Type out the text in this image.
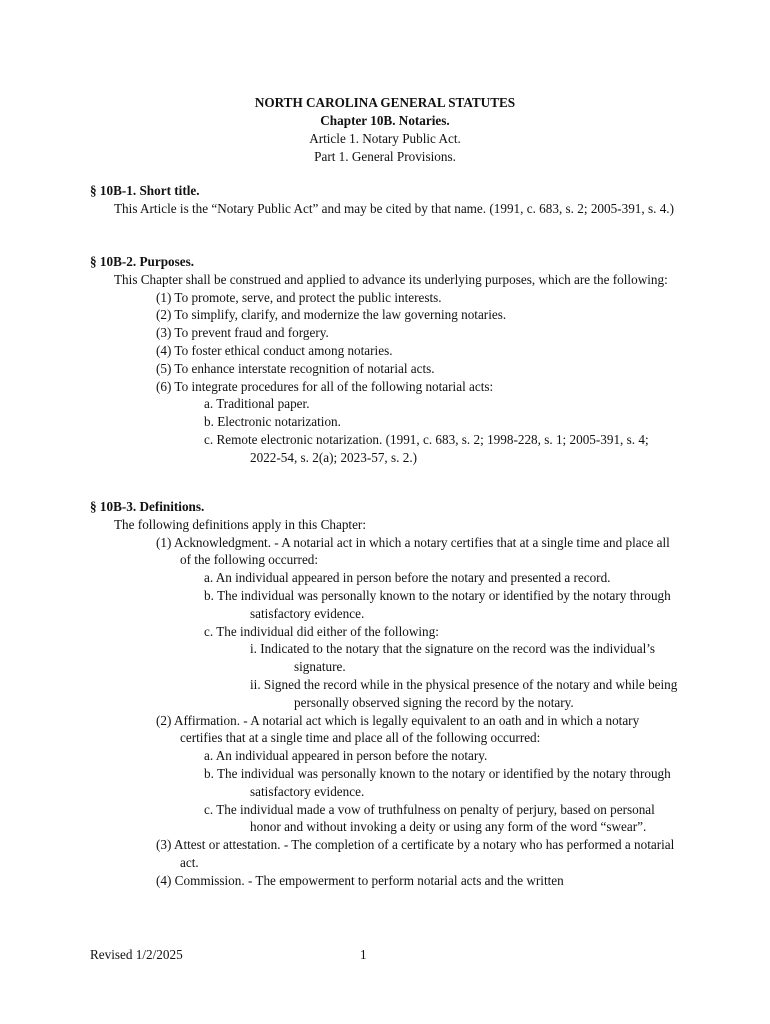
NORTH CAROLINA GENERAL STATUTES
Chapter 10B. Notaries.
Article 1. Notary Public Act.
Part 1. General Provisions.
§ 10B-1. Short title.
This Article is the “Notary Public Act” and may be cited by that name. (1991, c. 683, s. 2; 2005-391, s. 4.)
§ 10B-2. Purposes.
This Chapter shall be construed and applied to advance its underlying purposes, which are the following:
(1) To promote, serve, and protect the public interests.
(2) To simplify, clarify, and modernize the law governing notaries.
(3) To prevent fraud and forgery.
(4) To foster ethical conduct among notaries.
(5) To enhance interstate recognition of notarial acts.
(6) To integrate procedures for all of the following notarial acts:
a. Traditional paper.
b. Electronic notarization.
c. Remote electronic notarization. (1991, c. 683, s. 2; 1998-228, s. 1; 2005-391, s. 4; 2022-54, s. 2(a); 2023-57, s. 2.)
§ 10B-3. Definitions.
The following definitions apply in this Chapter:
(1) Acknowledgment. - A notarial act in which a notary certifies that at a single time and place all of the following occurred:
a. An individual appeared in person before the notary and presented a record.
b. The individual was personally known to the notary or identified by the notary through satisfactory evidence.
c. The individual did either of the following:
i. Indicated to the notary that the signature on the record was the individual’s signature.
ii. Signed the record while in the physical presence of the notary and while being personally observed signing the record by the notary.
(2) Affirmation. - A notarial act which is legally equivalent to an oath and in which a notary certifies that at a single time and place all of the following occurred:
a. An individual appeared in person before the notary.
b. The individual was personally known to the notary or identified by the notary through satisfactory evidence.
c. The individual made a vow of truthfulness on penalty of perjury, based on personal honor and without invoking a deity or using any form of the word “swear”.
(3) Attest or attestation. - The completion of a certificate by a notary who has performed a notarial act.
(4) Commission. - The empowerment to perform notarial acts and the written
Revised 1/2/2025	1
